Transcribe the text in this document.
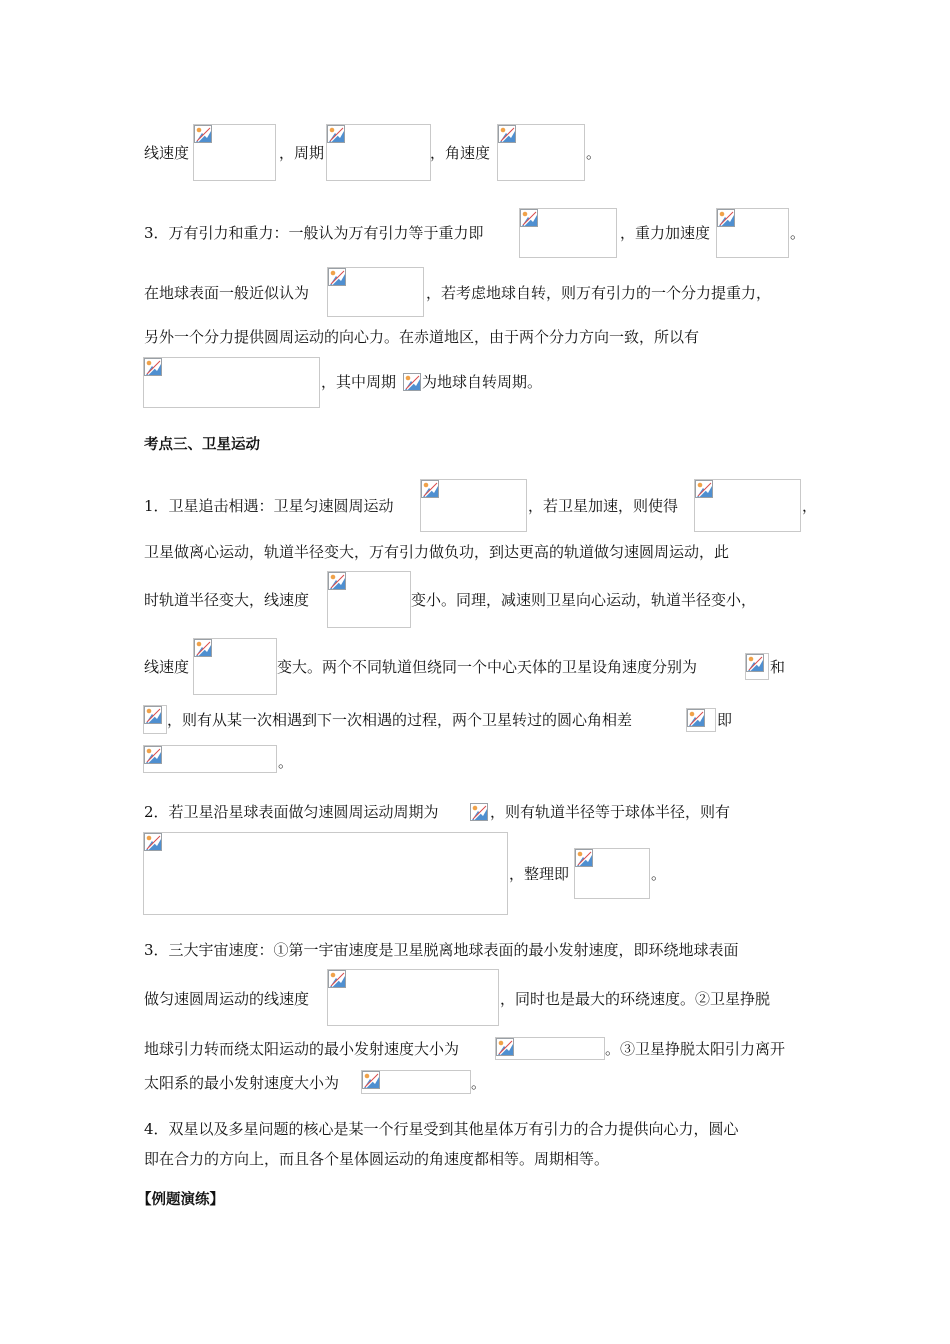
线速度	，周期	，角速度	。
3．万有引力和重力：一般认为万有引力等于重力即	，重力加速度	。
在地球表面一般近似认为	，若考虑地球自转，则万有引力的一个分力提重力，
另外一个分力提供圆周运动的向心力。在赤道地区，由于两个分力方向一致，所以有
，其中周期 为地球自转周期。
考点三、卫星运动
1．卫星追击相遇：卫星匀速圆周运动	，若卫星加速，则使得	，
卫星做离心运动，轨道半径变大，万有引力做负功，到达更高的轨道做匀速圆周运动，此
时轨道半径变大，线速度	变小。同理，减速则卫星向心运动，轨道半径变小，
线速度	变大。两个不同轨道但绕同一个中心天体的卫星设角速度分别为	和
，则有从某一次相遇到下一次相遇的过程，两个卫星转过的圆心角相差	即
。
2．若卫星沿星球表面做匀速圆周运动周期为	，则有轨道半径等于球体半径，则有
，整理即	。
3．三大宇宙速度：①第一宇宙速度是卫星脱离地球表面的最小发射速度，即环绕地球表面
做匀速圆周运动的线速度	，同时也是最大的环绕速度。②卫星挣脱
地球引力转而绕太阳运动的最小发射速度大小为	。③卫星挣脱太阳引力离开
太阳系的最小发射速度大小为	。
4．双星以及多星问题的核心是某一个行星受到其他星体万有引力的合力提供向心力，圆心
即在合力的方向上，而且各个星体圆运动的角速度都相等。周期相等。
【例题演练】
